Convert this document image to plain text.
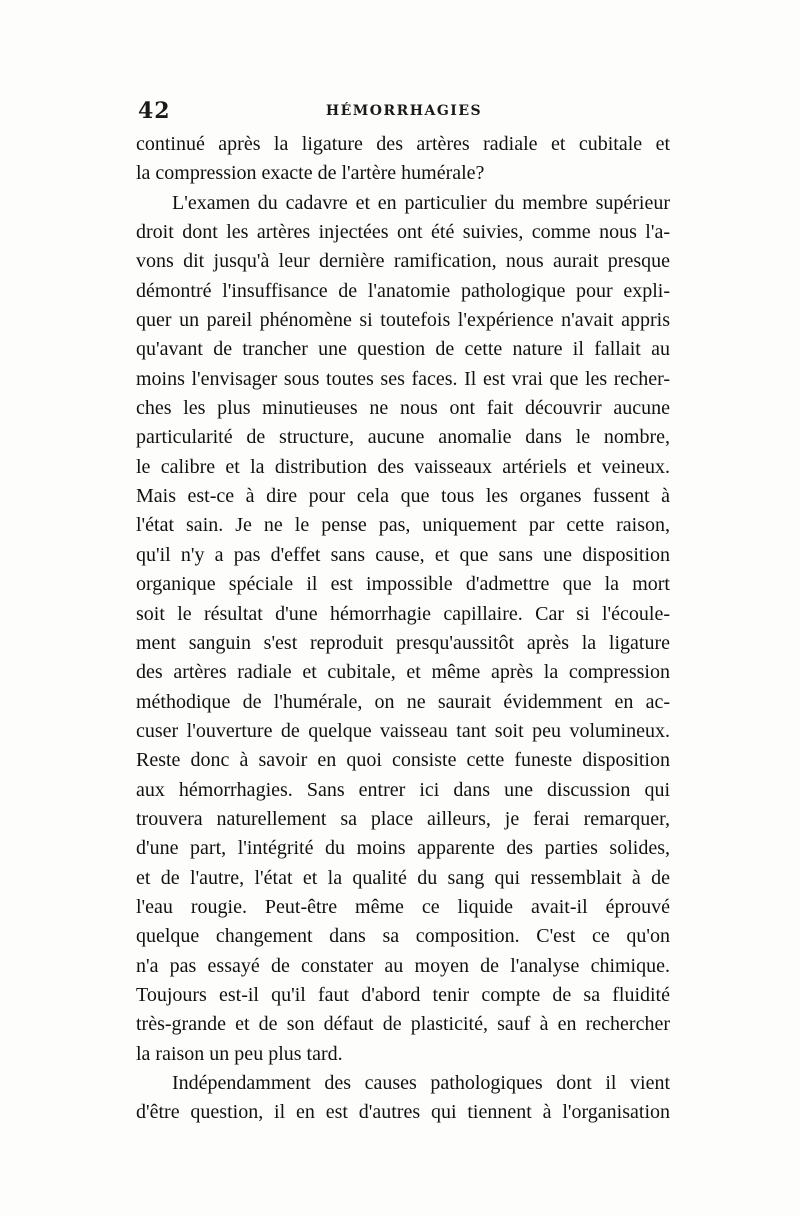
42	HÉMORRHAGIES
continué après la ligature des artères radiale et cubitale et
la compression exacte de l'artère humérale?
L'examen du cadavre et en particulier du membre supérieur
droit dont les artères injectées ont été suivies, comme nous l'a-
vons dit jusqu'à leur dernière ramification, nous aurait presque
démontré l'insuffisance de l'anatomie pathologique pour expli-
quer un pareil phénomène si toutefois l'expérience n'avait appris
qu'avant de trancher une question de cette nature il fallait au
moins l'envisager sous toutes ses faces. Il est vrai que les recher-
ches les plus minutieuses ne nous ont fait découvrir aucune
particularité de structure, aucune anomalie dans le nombre,
le calibre et la distribution des vaisseaux artériels et veineux.
Mais est-ce à dire pour cela que tous les organes fussent à
l'état sain. Je ne le pense pas, uniquement par cette raison,
qu'il n'y a pas d'effet sans cause, et que sans une disposition
organique spéciale il est impossible d'admettre que la mort
soit le résultat d'une hémorrhagie capillaire. Car si l'écoule-
ment sanguin s'est reproduit presqu'aussitôt après la ligature
des artères radiale et cubitale, et même après la compression
méthodique de l'humérale, on ne saurait évidemment en ac-
cuser l'ouverture de quelque vaisseau tant soit peu volumineux.
Reste donc à savoir en quoi consiste cette funeste disposition
aux hémorrhagies. Sans entrer ici dans une discussion qui
trouvera naturellement sa place ailleurs, je ferai remarquer,
d'une part, l'intégrité du moins apparente des parties solides,
et de l'autre, l'état et la qualité du sang qui ressemblait à de
l'eau rougie. Peut-être même ce liquide avait-il éprouvé
quelque changement dans sa composition. C'est ce qu'on
n'a pas essayé de constater au moyen de l'analyse chimique.
Toujours est-il qu'il faut d'abord tenir compte de sa fluidité
très-grande et de son défaut de plasticité, sauf à en rechercher
la raison un peu plus tard.
Indépendamment des causes pathologiques dont il vient
d'être question, il en est d'autres qui tiennent à l'organisation
